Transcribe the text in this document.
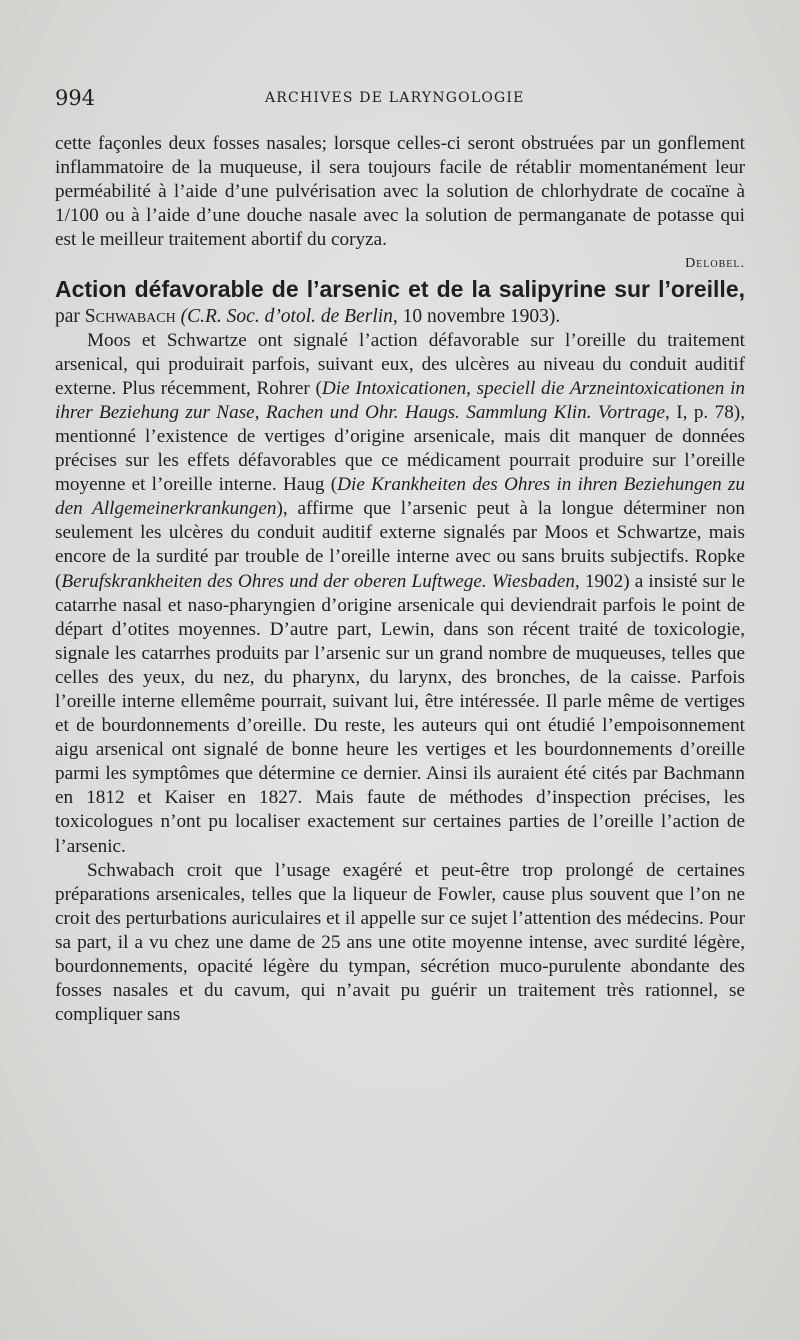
994	ARCHIVES DE LARYNGOLOGIE

cette façonles deux fosses nasales; lorsque celles-ci seront obstruées par un gonflement inflammatoire de la muqueuse, il sera toujours facile de rétablir momentanément leur perméabilité à l’aide d’une pulvérisation avec la solution de chlorhydrate de cocaïne à 1/100 ou à l’aide d’une douche nasale avec la solution de permanganate de potasse qui est le meilleur traitement abortif du coryza.

Delobel.

Action défavorable de l’arsenic et de la salipyrine sur l’oreille, par Schwabach (C.R. Soc. d’otol. de Berlin, 10 novembre 1903).

Moos et Schwartze ont signalé l’action défavorable sur l’oreille du traitement arsenical, qui produirait parfois, suivant eux, des ulcères au niveau du conduit auditif externe. Plus récemment, Rohrer (Die Intoxicationen, speciell die Arzneintoxicationen in ihrer Beziehung zur Nase, Rachen und Ohr. Haugs. Sammlung Klin. Vortrage, I, p. 78), mentionné l’existence de vertiges d’origine arsenicale, mais dit manquer de données précises sur les effets défavorables que ce médicament pourrait produire sur l’oreille moyenne et l’oreille interne. Haug (Die Krankheiten des Ohres in ihren Beziehungen zu den Allgemeinerkrankungen), affirme que l’arsenic peut à la longue déterminer non seulement les ulcères du conduit auditif externe signalés par Moos et Schwartze, mais encore de la surdité par trouble de l’oreille interne avec ou sans bruits subjectifs. Ropke (Berufskrankheiten des Ohres und der oberen Luftwege. Wiesbaden, 1902) a insisté sur le catarrhe nasal et naso-pharyngien d’origine arsenicale qui deviendrait parfois le point de départ d’otites moyennes. D’autre part, Lewin, dans son récent traité de toxicologie, signale les catarrhes produits par l’arsenic sur un grand nombre de muqueuses, telles que celles des yeux, du nez, du pharynx, du larynx, des bronches, de la caisse. Parfois l’oreille interne ellemême pourrait, suivant lui, être intéressée. Il parle même de vertiges et de bourdonnements d’oreille. Du reste, les auteurs qui ont étudié l’empoisonnement aigu arsenical ont signalé de bonne heure les vertiges et les bourdonnements d’oreille parmi les symptômes que détermine ce dernier. Ainsi ils auraient été cités par Bachmann en 1812 et Kaiser en 1827. Mais faute de méthodes d’inspection précises, les toxicologues n’ont pu localiser exactement sur certaines parties de l’oreille l’action de l’arsenic.

Schwabach croit que l’usage exagéré et peut-être trop prolongé de certaines préparations arsenicales, telles que la liqueur de Fowler, cause plus souvent que l’on ne croit des perturbations auriculaires et il appelle sur ce sujet l’attention des médecins. Pour sa part, il a vu chez une dame de 25 ans une otite moyenne intense, avec surdité légère, bourdonnements, opacité légère du tympan, sécrétion muco-purulente abondante des fosses nasales et du cavum, qui n’avait pu guérir un traitement très rationnel, se compliquer sans
